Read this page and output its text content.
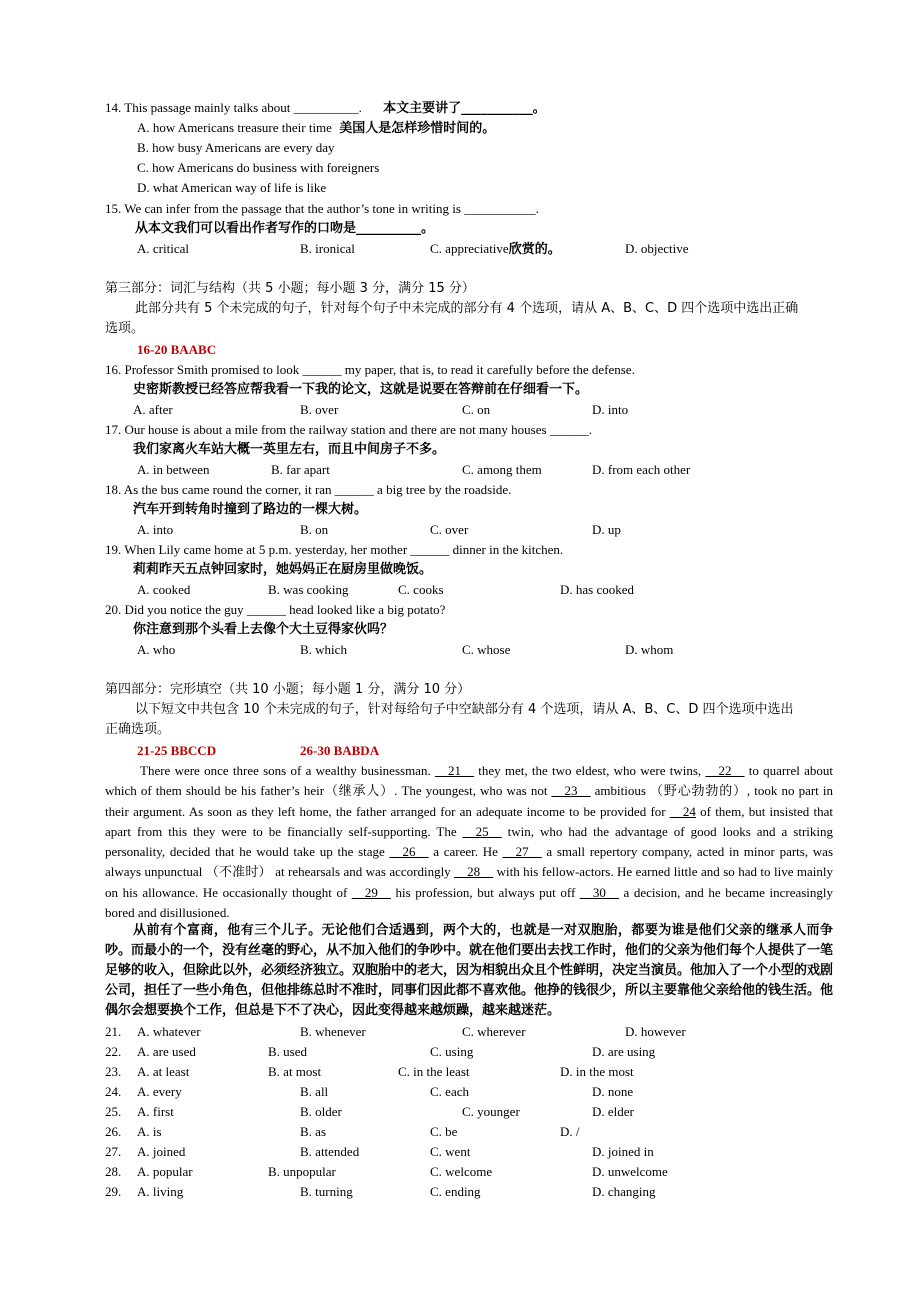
14. This passage mainly talks about __________. 本文主要讲了___________。
A. how Americans treasure their time 美国人是怎样珍惜时间的。
B. how busy Americans are every day
C. how Americans do business with foreigners
D. what American way of life is like
15. We can infer from the passage that the author’s tone in writing is ___________.
从本文我们可以看出作者写作的口吻是__________。
A. critical	B. ironical	C. appreciative欣赏的。	D. objective
第三部分：词汇与结构（共 5 小题；每小题 3 分，满分 15 分）
此部分共有 5 个未完成的句子，针对每个句子中未完成的部分有 4 个选项，请从 A、B、C、D 四个选项中选出正确
选项。
16-20 BAABC
16. Professor Smith promised to look ______ my paper, that is, to read it carefully before the defense.
史密斯教授已经答应帮我看一下我的论文，这就是说要在答辩前在仔细看一下。
A. after	B. over	C. on	D. into
17. Our house is about a mile from the railway station and there are not many houses ______.
我们家离火车站大概一英里左右，而且中间房子不多。
A. in between	B. far apart	C. among them	D. from each other
18. As the bus came round the corner, it ran ______ a big tree by the roadside.
汽车开到转角时撞到了路边的一棵大树。
A. into	B. on	C. over	D. up
19. When Lily came home at 5 p.m. yesterday, her mother ______ dinner in the kitchen.
莉莉昨天五点钟回家时，她妈妈正在厨房里做晚饭。
A. cooked	B. was cooking	C. cooks	D. has cooked
20. Did you notice the guy ______ head looked like a big potato?
你注意到那个头看上去像个大土豆得家伙吗？
A. who	B. which	C. whose	D. whom
第四部分：完形填空（共 10 小题；每小题 1 分，满分 10 分）
以下短文中共包含 10 个未完成的句子，针对每给句子中空缺部分有 4 个选项，请从 A、B、C、D 四个选项中选出
正确选项。
21-25 BBCCD	26-30 BABDA
There were once three sons of a wealthy businessman. __21__ they met, the two eldest, who were twins, __22__ to quarrel about which of them should be his father’s heir（继承人）. The youngest, who was not __23__ ambitious （野心勃勃的）, took no part in their argument. As soon as they left home, the father arranged for an adequate income to be provided for __24 of them, but insisted that apart from this they were to be financially self-supporting. The __25__ twin, who had the advantage of good looks and a striking personality, decided that he would take up the stage __26__ a career. He __27__ a small repertory company, acted in minor parts, was always unpunctual （不准时） at rehearsals and was accordingly __28__ with his fellow-actors. He earned little and so had to live mainly on his allowance. He occasionally thought of __29__ his profession, but always put off __30__ a decision, and he became increasingly bored and disillusioned.
从前有个富商，他有三个儿子。无论他们合适遇到，两个大的，也就是一对双胞胎，都要为谁是他们父亲的继承人而争吵。而最小的一个，没有丝毫的野心，从不加入他们的争吵中。就在他们要出去找工作时，他们的父亲为他们每个人提供了一笔足够的收入，但除此以外，必须经济独立。双胞胎中的老大，因为相貌出众且个性鲜明，决定当演员。他加入了一个小型的戏剧公司，担任了一些小角色，但他排练总时不准时，同事们因此都不喜欢他。他挣的钱很少，所以主要靠他父亲给他的钱生活。他偶尔会想要换个工作，但总是下不了决心，因此变得越来越烦躁，越来越迷茫。
21. A. whatever	B. whenever	C. wherever	D. however
22. A. are used	B. used	C. using	D. are using
23. A. at least	B. at most	C. in the least	D. in the most
24. A. every	B. all	C. each	D. none
25. A. first	B. older	C. younger	D. elder
26. A. is	B. as	C. be	D. /
27. A. joined	B. attended	C. went	D. joined in
28. A. popular	B. unpopular	C. welcome	D. unwelcome
29. A. living	B. turning	C. ending	D. changing
